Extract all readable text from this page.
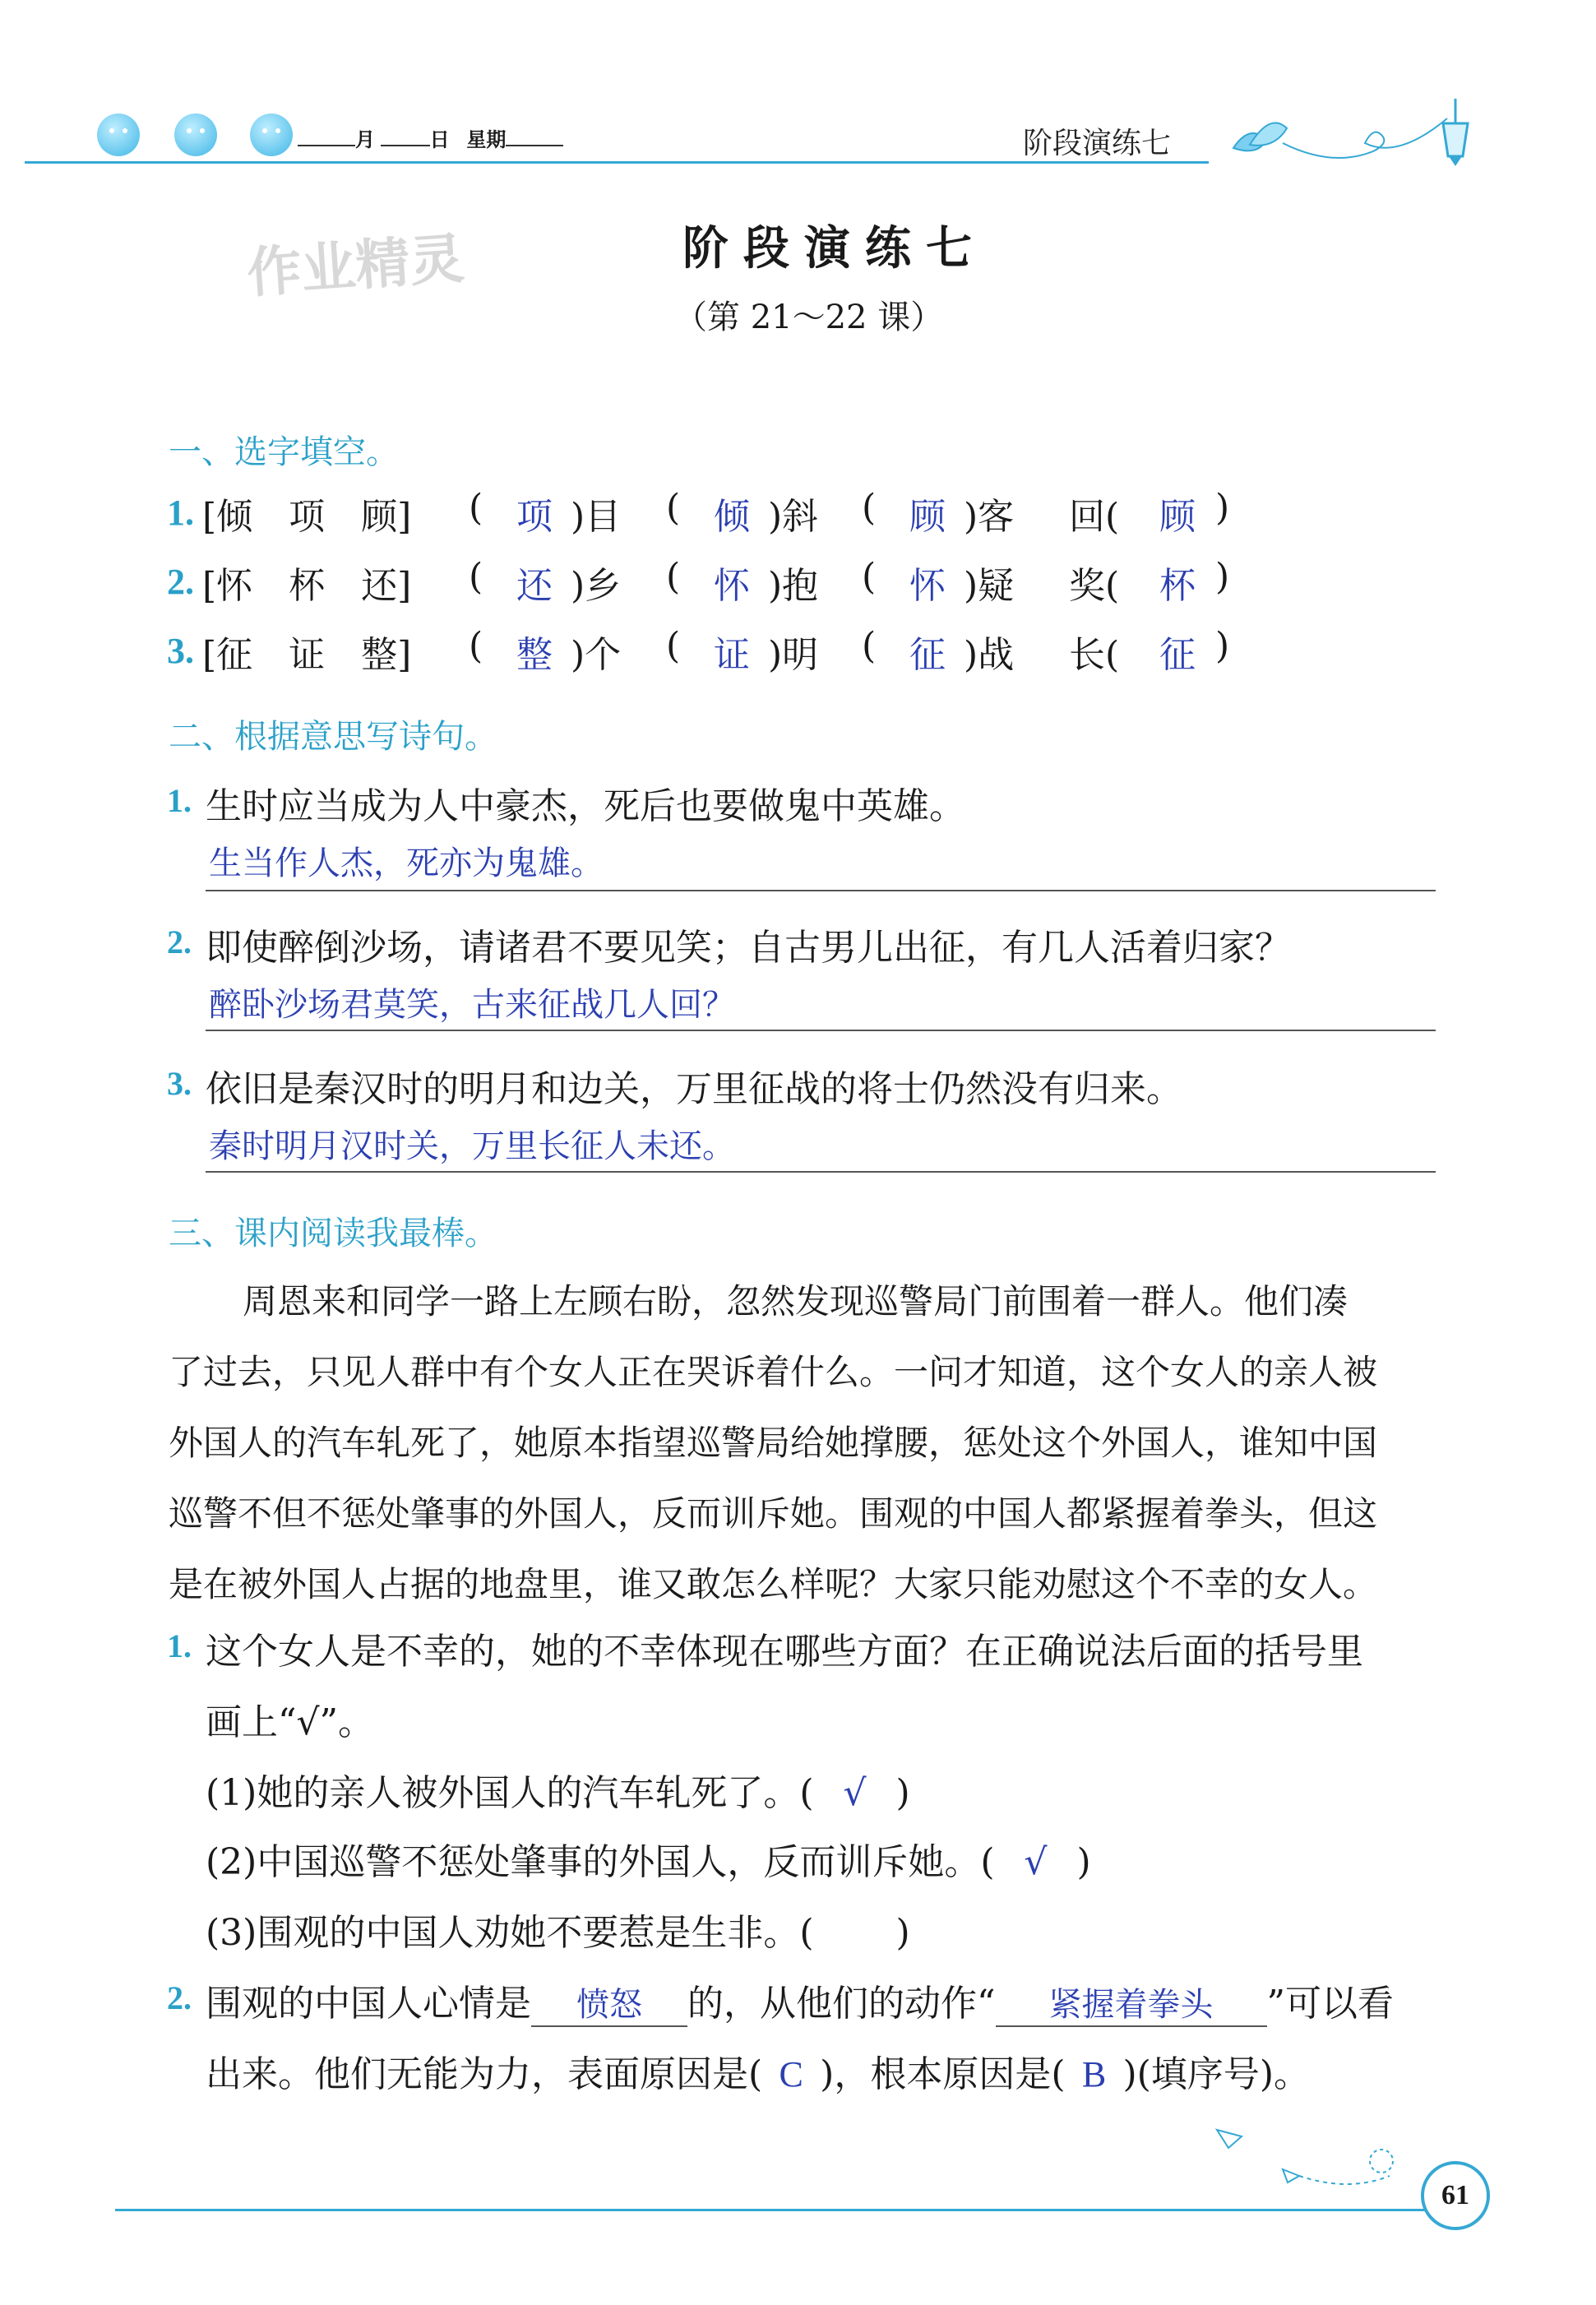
月	日 星期	阶段演练七
作业精灵	阶段演练七
（第 21～22 课）
一、选字填空。
1. [倾　项　顾] ( 项 )目 ( 倾 )斜 ( 顾 )客 回(	顾 )
2. [怀　杯　还] ( 还 )乡 ( 怀 )抱 ( 怀 )疑 奖(	杯 )
3. [征　证　整] ( 整 )个 ( 证 )明 ( 征 )战 长(	征 )
二、根据意思写诗句。
1. 生时应当成为人中豪杰，死后也要做鬼中英雄。
生当作人杰，死亦为鬼雄。
2. 即使醉倒沙场，请诸君不要见笑；自古男儿出征，有几人活着归家？
醉卧沙场君莫笑，古来征战几人回？
3. 依旧是秦汉时的明月和边关，万里征战的将士仍然没有归来。
秦时明月汉时关，万里长征人未还。
三、课内阅读我最棒。
周恩来和同学一路上左顾右盼，忽然发现巡警局门前围着一群人。他们凑
了过去，只见人群中有个女人正在哭诉着什么。一问才知道，这个女人的亲人被
外国人的汽车轧死了，她原本指望巡警局给她撑腰，惩处这个外国人，谁知中国
巡警不但不惩处肇事的外国人，反而训斥她。围观的中国人都紧握着拳头，但这
是在被外国人占据的地盘里，谁又敢怎么样呢？大家只能劝慰这个不幸的女人。
1. 这个女人是不幸的，她的不幸体现在哪些方面？在正确说法后面的括号里
画上“√”。
(1)她的亲人被外国人的汽车轧死了。( √ )
(2)中国巡警不惩处肇事的外国人，反而训斥她。( √ )
(3)围观的中国人劝她不要惹是生非。( )
2. 围观的中国人心情是 愤怒 的，从他们的动作“ 紧握着拳头 ”可以看
出来。他们无能为力，表面原因是( C )，根本原因是( B )(填序号)。
61
